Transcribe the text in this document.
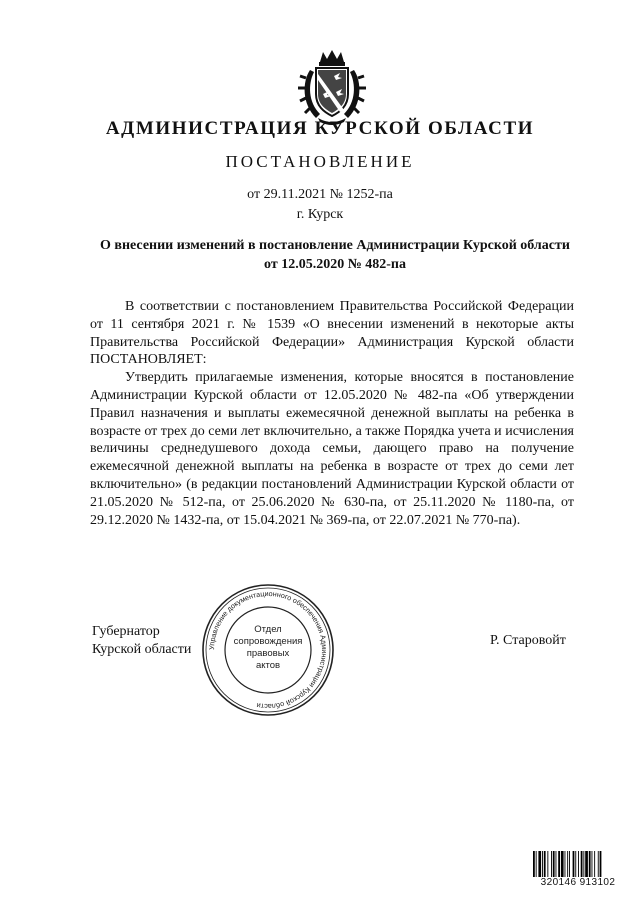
АДМИНИСТРАЦИЯ КУРСКОЙ ОБЛАСТИ
ПОСТАНОВЛЕНИЕ
от 29.11.2021 № 1252-па
г. Курск
О внесении изменений в постановление Администрации Курской области от 12.05.2020 № 482-па

В соответствии с постановлением Правительства Российской Федерации от 11 сентября 2021 г. № 1539 «О внесении изменений в некоторые акты Правительства Российской Федерации» Администрация Курской области ПОСТАНОВЛЯЕТ:

Утвердить прилагаемые изменения, которые вносятся в постановление Администрации Курской области от 12.05.2020 № 482-па «Об утверждении Правил назначения и выплаты ежемесячной денежной выплаты на ребенка в возрасте от трех до семи лет включительно, а также Порядка учета и исчисления величины среднедушевого дохода семьи, дающего право на получение ежемесячной денежной выплаты на ребенка в возрасте от трех до семи лет включительно» (в редакции постановлений Администрации Курской области от 21.05.2020 № 512-па, от 25.06.2020 № 630-па, от 25.11.2020 № 1180-па, от 29.12.2020 № 1432-па, от 15.04.2021 № 369-па, от 22.07.2021 № 770-па).

Губернатор
Курской области
Р. Старовойт
Управление документационного обеспечения Администрации Курской области
Отдел
сопровождения
правовых
актов
320146 913102
